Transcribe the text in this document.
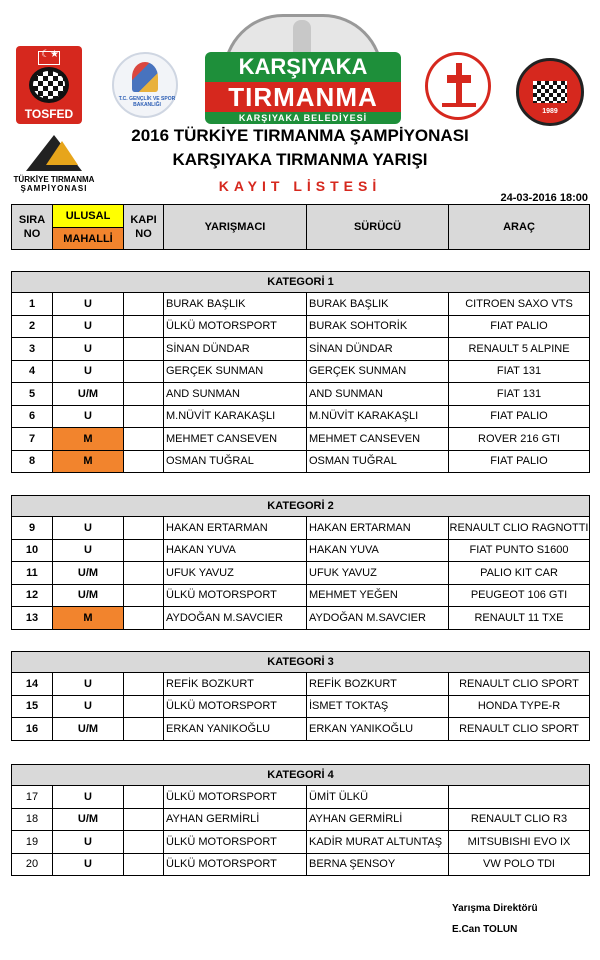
☾★
TOSFED
T.C. GENÇLİK VE SPOR BAKANLIĞI
KARŞIYAKA
TIRMANMA
KARŞIYAKA BELEDİYESİ
1989
TÜRKİYE TIRMANMA
ŞAMPİYONASI
2016 TÜRKİYE TIRMANMA ŞAMPİYONASI
KARŞIYAKA TIRMANMA YARIŞI
KAYIT LİSTESİ
24-03-2016 18:00
SIRA NO	ULUSAL	KAPI NO	YARIŞMACI	SÜRÜCÜ	ARAÇ
MAHALLİ
KATEGORİ 1					
1	U		BURAK BAŞLIK	BURAK BAŞLIK	CITROEN SAXO VTS
2	U		ÜLKÜ MOTORSPORT	BURAK SOHTORİK	FIAT PALIO
3	U		SİNAN DÜNDAR	SİNAN DÜNDAR	RENAULT 5 ALPINE
4	U		GERÇEK SUNMAN	GERÇEK SUNMAN	FIAT 131
5	U/M		AND SUNMAN	AND SUNMAN	FIAT 131
6	U		M.NÜVİT KARAKAŞLI	M.NÜVİT KARAKAŞLI	FIAT PALIO
7	M		MEHMET CANSEVEN	MEHMET CANSEVEN	ROVER 216 GTI
8	M		OSMAN TUĞRAL	OSMAN TUĞRAL	FIAT PALIO
KATEGORİ 2					
9	U		HAKAN ERTARMAN	HAKAN ERTARMAN	RENAULT CLIO RAGNOTTI
10	U		HAKAN YUVA	HAKAN YUVA	FIAT PUNTO S1600
11	U/M		UFUK YAVUZ	UFUK YAVUZ	PALIO KIT CAR
12	U/M		ÜLKÜ MOTORSPORT	MEHMET YEĞEN	PEUGEOT 106 GTI
13	M		AYDOĞAN M.SAVCIER	AYDOĞAN M.SAVCIER	RENAULT 11 TXE
KATEGORİ 3					
14	U		REFİK BOZKURT	REFİK BOZKURT	RENAULT CLIO SPORT
15	U		ÜLKÜ MOTORSPORT	İSMET TOKTAŞ	HONDA TYPE-R
16	U/M		ERKAN YANIKOĞLU	ERKAN YANIKOĞLU	RENAULT CLIO SPORT
KATEGORİ 4					
17	U		ÜLKÜ MOTORSPORT	ÜMİT ÜLKÜ	
18	U/M		AYHAN GERMİRLİ	AYHAN GERMİRLİ	RENAULT CLIO R3
19	U		ÜLKÜ MOTORSPORT	KADİR MURAT ALTUNTAŞ	MITSUBISHI EVO IX
20	U		ÜLKÜ MOTORSPORT	BERNA ŞENSOY	VW POLO TDI
Yarışma Direktörü
E.Can TOLUN
